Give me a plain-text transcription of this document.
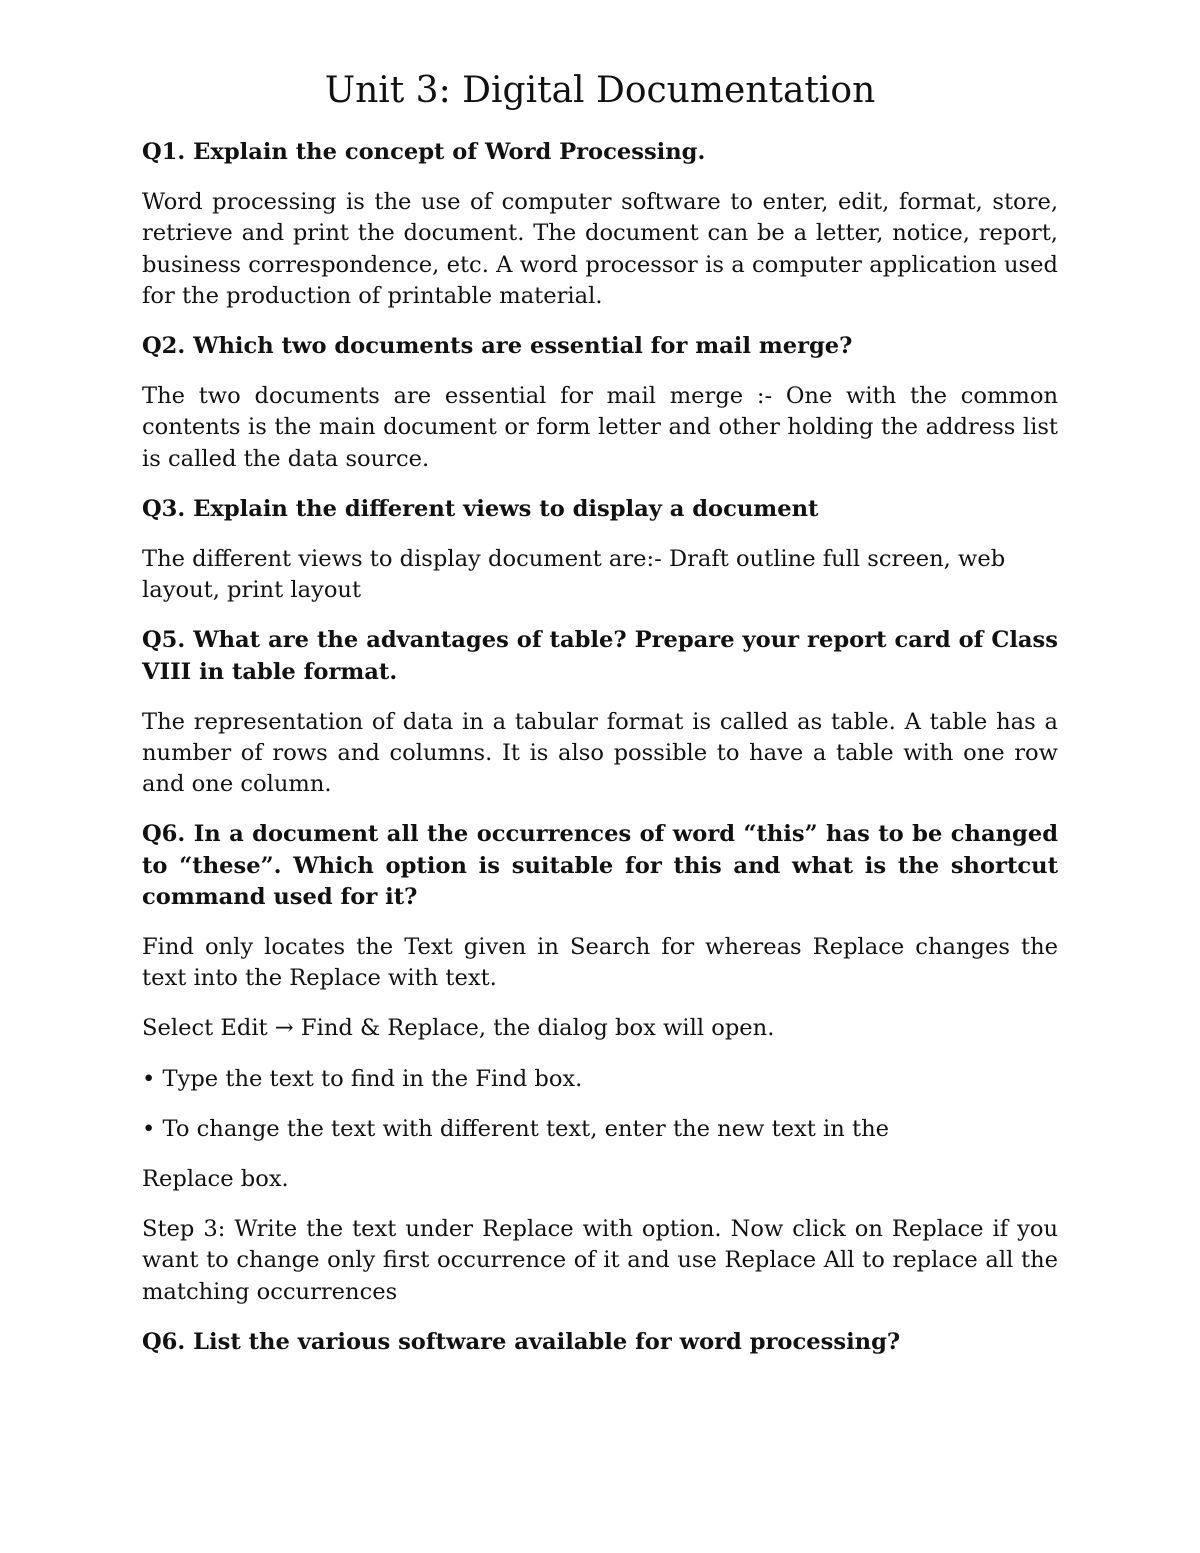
Unit 3: Digital Documentation

Q1. Explain the concept of Word Processing.

Word processing is the use of computer software to enter, edit, format, store, retrieve and print the document. The document can be a letter, notice, report, business correspondence, etc. A word processor is a computer application used for the production of printable material.

Q2. Which two documents are essential for mail merge?

The two documents are essential for mail merge :- One with the common contents is the main document or form letter and other holding the address list is called the data source.

Q3. Explain the different views to display a document

The different views to display document are:- Draft outline full screen, web layout, print layout

Q5. What are the advantages of table? Prepare your report card of Class VIII in table format.

The representation of data in a tabular format is called as table. A table has a number of rows and columns. It is also possible to have a table with one row and one column.

Q6. In a document all the occurrences of word “this” has to be changed to “these”. Which option is suitable for this and what is the shortcut command used for it?

Find only locates the Text given in Search for whereas Replace changes the text into the Replace with text.

Select Edit → Find & Replace, the dialog box will open.

• Type the text to find in the Find box.

• To change the text with different text, enter the new text in the

Replace box.

Step 3: Write the text under Replace with option. Now click on Replace if you want to change only first occurrence of it and use Replace All to replace all the matching occurrences

Q6. List the various software available for word processing?
